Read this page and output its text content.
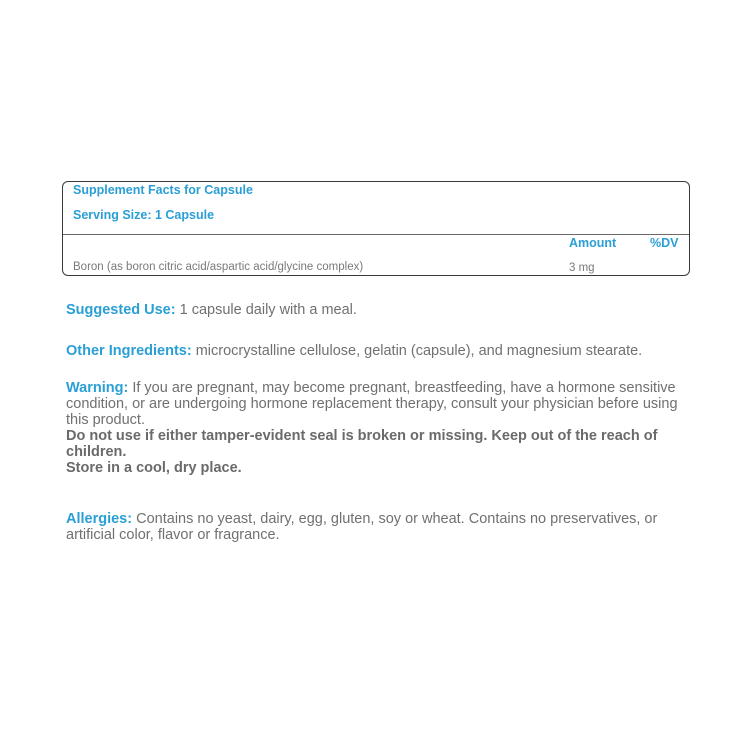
Supplement Facts for Capsule
Serving Size: 1 Capsule
Amount	%DV
Boron (as boron citric acid/aspartic acid/glycine complex)	3 mg
Suggested Use: 1 capsule daily with a meal.
Other Ingredients: microcrystalline cellulose, gelatin (capsule), and magnesium stearate.
Warning: If you are pregnant, may become pregnant, breastfeeding, have a hormone sensitive condition, or are undergoing hormone replacement therapy, consult your physician before using this product.
Do not use if either tamper-evident seal is broken or missing. Keep out of the reach of children.
Store in a cool, dry place.
Allergies: Contains no yeast, dairy, egg, gluten, soy or wheat. Contains no preservatives, or artificial color, flavor or fragrance.
